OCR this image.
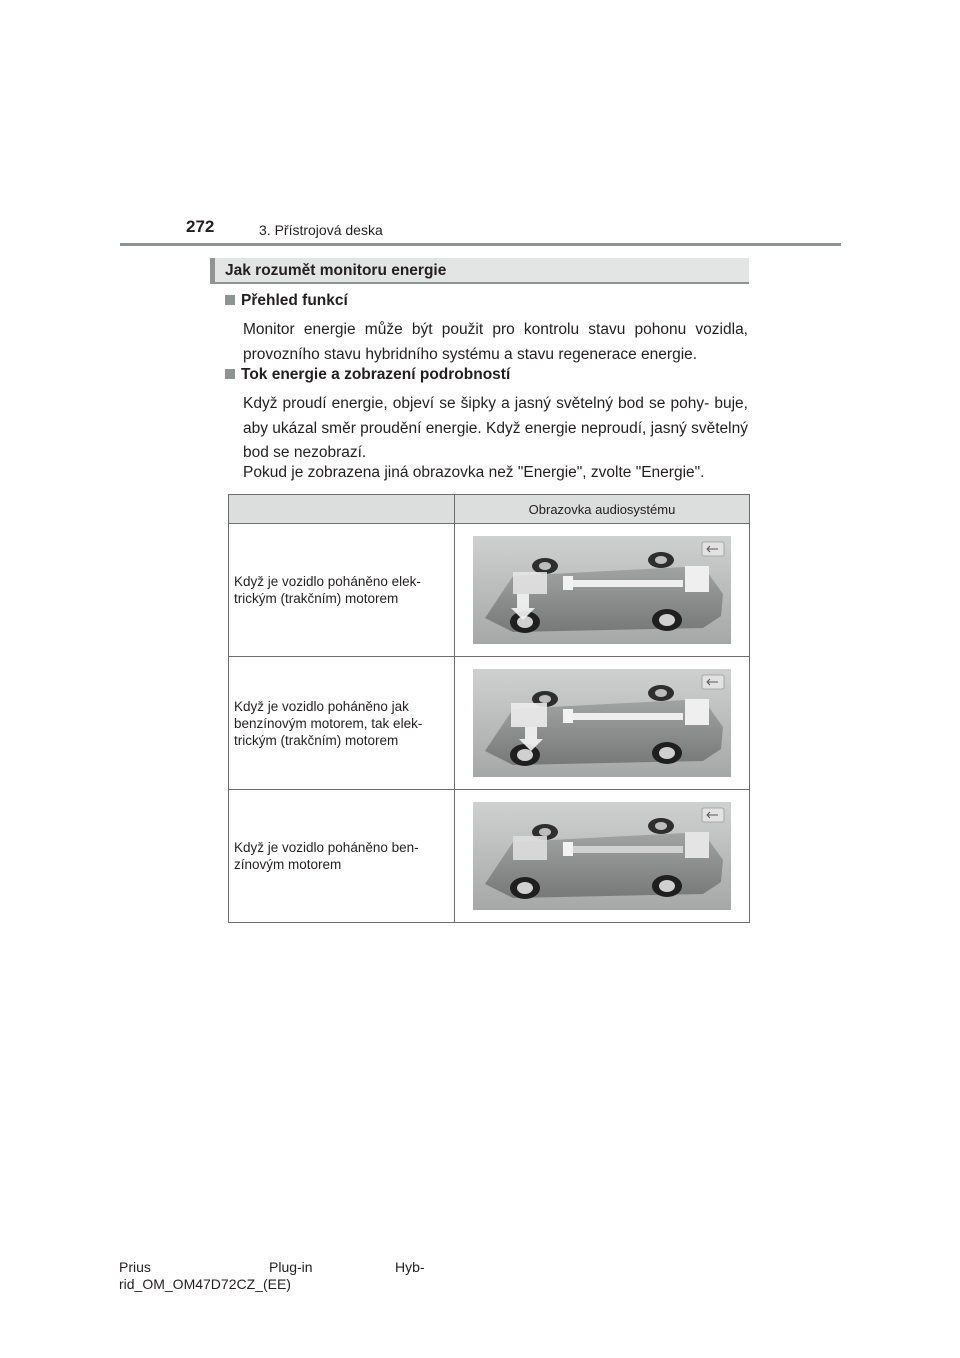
272	3. Přístrojová deska
Jak rozumět monitoru energie
Přehled funkcí
Monitor energie může být použit pro kontrolu stavu pohonu vozidla, provozního stavu hybridního systému a stavu regenerace energie.
Tok energie a zobrazení podrobností
Když proudí energie, objeví se šipky a jasný světelný bod se pohy- buje, aby ukázal směr proudění energie. Když energie neproudí, jasný světelný bod se nezobrazí.
Pokud je zobrazena jiná obrazovka než "Energie", zvolte "Energie".
	Obrazovka audiosystému
Když je vozidlo poháněno elek-
trickým (trakčním) motorem	

Když je vozidlo poháněno jak
benzínovým motorem, tak elek-
trickým (trakčním) motorem	

Když je vozidlo poháněno ben-
zínovým motorem	
Prius	Plug-in	Hyb-
rid_OM_OM47D72CZ_(EE)
